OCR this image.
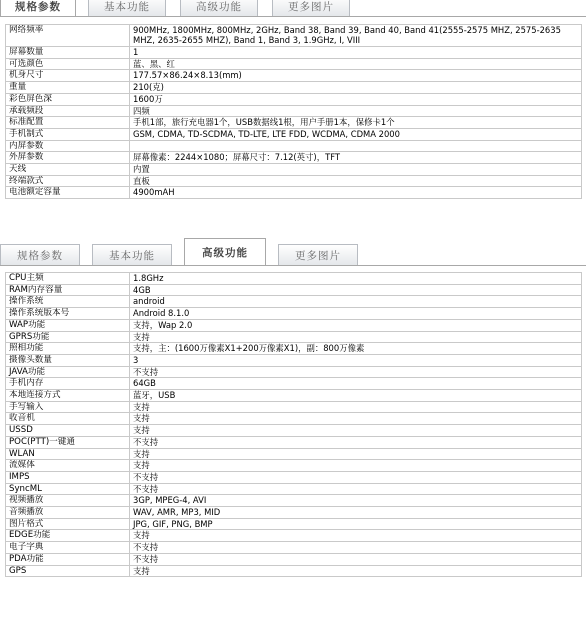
规格参数	基本功能	高级功能	更多图片
网络频率	900MHz, 1800MHz, 800MHz, 2GHz, Band 38, Band 39, Band 40, Band 41(2555-2575 MHZ, 2575-2635 MHZ, 2635-2655 MHZ), Band 1, Band 3, 1.9GHz, I, VIII
屏幕数量	1
可选颜色	蓝、黑、红
机身尺寸	177.57×86.24×8.13(mm)
重量	210(克)
彩色屏色深	1600万
承载频段	四频
标准配置	手机1部，旅行充电器1个，USB数据线1根，用户手册1本，保修卡1个
手机制式	GSM, CDMA, TD-SCDMA, TD-LTE, LTE FDD, WCDMA, CDMA 2000
内屏参数	
外屏参数	屏幕像素：2244×1080；屏幕尺寸：7.12(英寸)，TFT
天线	内置
终端款式	直板
电池额定容量	4900mAH
规格参数	基本功能	高级功能	更多图片
CPU主频	1.8GHz
RAM内存容量	4GB
操作系统	android
操作系统版本号	Android 8.1.0
WAP功能	支持，Wap 2.0
GPRS功能	支持
照相功能	支持，主：(1600万像素X1+200万像素X1)，副：800万像素
摄像头数量	3
JAVA功能	不支持
手机内存	64GB
本地连接方式	蓝牙，USB
手写输入	支持
收音机	支持
USSD	支持
POC(PTT)一键通	不支持
WLAN	支持
流媒体	支持
IMPS	不支持
SyncML	不支持
视频播放	3GP, MPEG-4, AVI
音频播放	WAV, AMR, MP3, MID
图片格式	JPG, GIF, PNG, BMP
EDGE功能	支持
电子字典	不支持
PDA功能	不支持
GPS	支持
